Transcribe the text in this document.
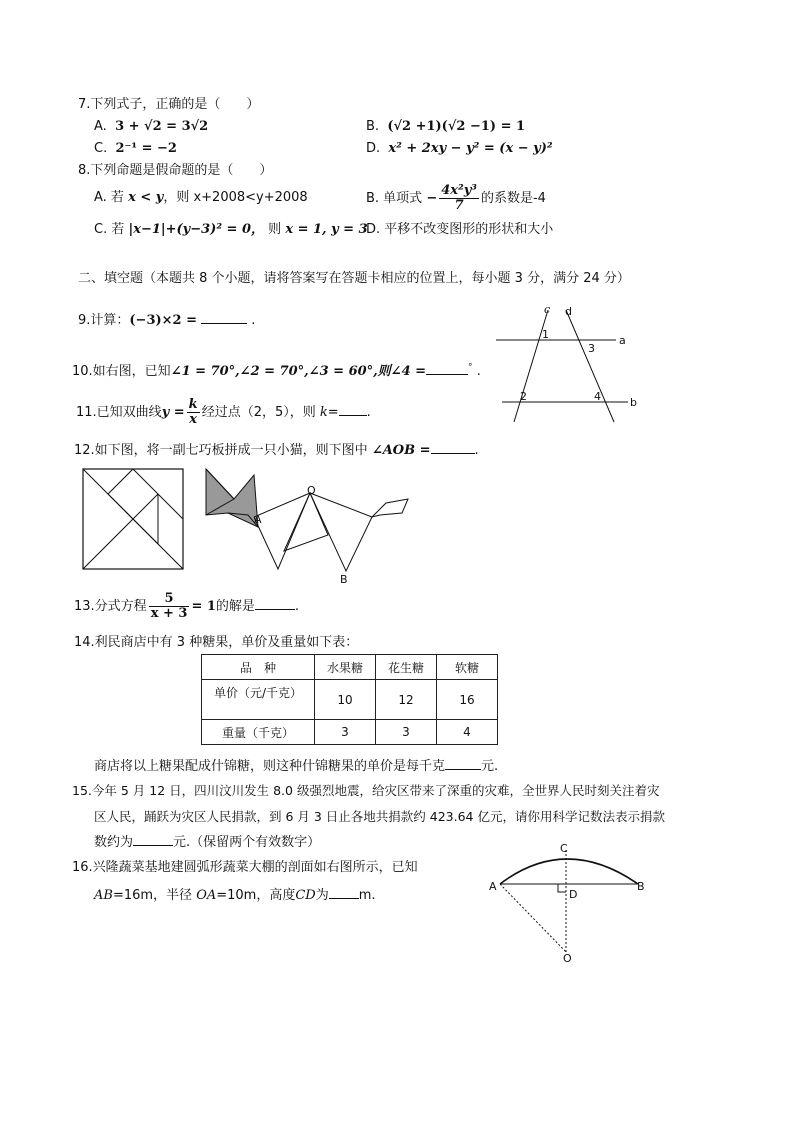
7.下列式子，正确的是（　　）
A. 3 + √2 = 3√2	B. (√2 +1)(√2 −1) = 1
C. 2⁻¹ = −2	D. x² + 2xy − y² = (x − y)²
8.下列命题是假命题的是（　　）
A. 若 x < y，则 x+2008<y+2008	B. 单项式 − $\frac{\text{4x²y³}}{7}$ 的系数是-4
C. 若 |x−1|+(y−3)² = 0， 则 x = 1, y = 3
D. 平移不改变图形的形状和大小
二、填空题（本题共 8 个小题，请将答案写在答题卡相应的位置上，每小题 3 分，满分 24 分）
9.计算：(−3)×2 =	.
10.如右图，已知∠1 = 70°,∠2 = 70°,∠3 = 60°,则∠4 =	° .
11.已知双曲线$y = \frac{k}{x}$ 经过点（2，5），则 k= .
12.如下图，将一副七巧板拼成一只小猫，则下图中 ∠AOB =	.
13.分式方程 $\frac{5}{x + 3} = 1$的解是	.
14.利民商店中有 3 种糖果，单价及重量如下表：
品　种	水果糖	花生糖	软糖
单价（元/千克）	10	12	16
重量（千克）	3	3	4
商店将以上糖果配成什锦糖，则这种什锦糖果的单价是每千克	元.
15.今年 5 月 12 日，四川汶川发生 8.0 级强烈地震，给灾区带来了深重的灾难，全世界人民时刻关注着灾
区人民，踊跃为灾区人民捐款，到 6 月 3 日止各地共捐款约 423.64 亿元，请你用科学记数法表示捐款
数约为	元.（保留两个有效数字）
16.兴隆蔬菜基地建圆弧形蔬菜大棚的剖面如右图所示，已知
AB=16m，半径 OA=10m，高度CD为 m.
c d
a
b
1
2
3
4
O
A
B
C
A	B
D
O
